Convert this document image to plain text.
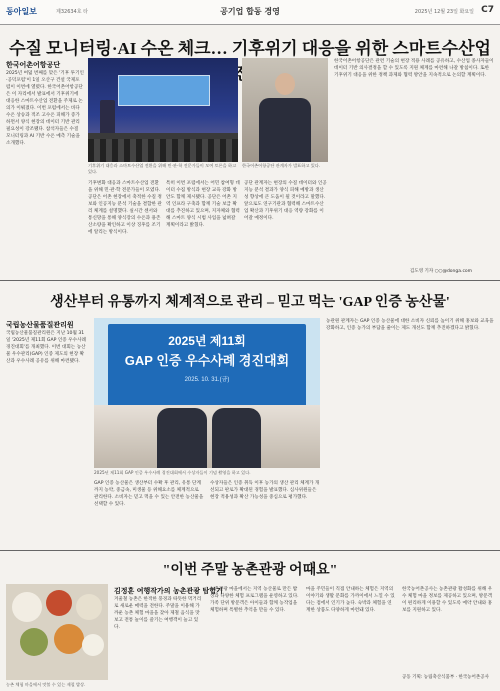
동아일보	제32634호 타	공기업 합동 경영	2025년 12월 23일 화요일 C7
수질 모니터링·AI 수온 체크… 기후위기 대응을 위한 스마트수산업
한국어촌어항공단
2025년 여덟 번째를 맞은 '기후 투기인·공덕포럼'이 1일 오산구 건설 국제포럼이 이번에 열렸다. 한국어촌어항공단은 이 자리에서 발표에서 기후위기에 대응한 스마트수산업 전환을 주제로 논의가 이뤄졌다. 이번 포럼에서는 바다 수온 상승과 적조 고수온 피해가 증가하면서 양식 현장의 데이터 기반 관리 필요성이 강조됐다. 참석자들은 수질 모니터링과 AI 기반 수온 예측 기술을 소개했다.
기후위기 대응과 스마트수산업 전환을 위해 민·관·학 전문가들이 모여 토론을 하고 있다.
한국어촌어항공단 관계자가 발표하고 있다.
기후변화 대응과 스마트수산업 전환을 위해 민·관·학 전문가들이 모였다. 공단은 어촌 현장에서 축적한 수질 정보와 인공지능 분석 기술을 결합한 관리 체계를 설명했다. 실시간 센서와 통신망을 통해 양식장의 수온과 용존산소량을 확인하고 이상 징후를 조기에 알리는 방식이다.
특히 이번 포럼에서는 어민 참여형 데이터 수집 방식과 현장 교육 강화 방안도 함께 제시됐다. 공단은 어촌 지역 인프라 구축과 함께 기술 보급 확대를 추진하고 있으며, 지자체와 협력해 스마트 양식 시범 사업을 넓혀갈 계획이라고 밝혔다.
공단 관계자는 현장의 수질 데이터와 인공지능 분석 결과가 양식 피해 예방과 생산성 향상에 큰 도움이 될 것이라고 말했다. 앞으로도 연구기관과 협력해 스마트수산업 확산과 기후위기 대응 역량 강화를 이어갈 예정이다.
한국어촌어항공단은 관련 기술의 현장 적용 사례를 공유하고, 수산업 종사자들이 데이터 기반 의사결정을 할 수 있도록 지원 체계를 마련해 나갈 방침이다. 또한 기후위기 대응을 위한 정책 과제와 협력 방안을 지속적으로 논의할 계획이다.
김도영 기자 ○○@donga.com
생산부터 유통까지 체계적으로 관리 – 믿고 먹는 'GAP 인증 농산물'
국립농산물품질관리원
국립농산물품질관리원은 지난 10월 31일 '2025년 제11회 GAP 인증 우수사례 경진대회'를 개최했다. 이번 대회는 농산물 우수관리(GAP) 인증 제도의 현장 확산과 우수사례 공유를 위해 마련됐다.
2025년 제11회
GAP 인증 우수사례 경진대회
2025. 10. 31.(금)
2025년 제11회 GAP 인증 우수사례 경진대회에서 수상자들이 기념 촬영을 하고 있다.
GAP 인증 농산물은 생산부터 수확 후 관리, 유통 단계까지 농약, 중금속, 미생물 등 위해요소를 체계적으로 관리한다. 소비자는 믿고 먹을 수 있는 안전한 농산물을 선택할 수 있다.
수상자들은 인증 취득 이후 농가의 생산 관리 체계가 개선되고 판로가 확대된 경험을 발표했다. 심사위원들은 현장 적용성과 확산 가능성을 중심으로 평가했다.
농관원 관계자는 GAP 인증 농산물에 대한 소비자 신뢰를 높이기 위해 홍보와 교육을 강화하고, 인증 농가의 부담을 줄이는 제도 개선도 함께 추진하겠다고 밝혔다.
"이번 주말 농촌관광 어때요"
농촌 체험 마을에서 맛볼 수 있는 제철 밥상.
김정훈 여행작가의 농촌관광 탐험기
겨울철 농촌은 한적한 풍경과 따뜻한 먹거리로 새로운 매력을 전한다. 주말을 이용해 가까운 농촌 체험 마을을 찾아 제철 음식을 맛보고 전통 놀이를 즐기는 여행객이 늘고 있다.
농촌관광 마을에서는 지역 농산물로 만든 밥상과 다양한 체험 프로그램을 운영하고 있다. 가족 단위 방문객은 아이들과 함께 농작업을 체험하며 특별한 추억을 만들 수 있다.
마을 주민들이 직접 안내하는 체험은 지역의 이야기와 생활 문화를 가까이에서 느낄 수 있다는 점에서 인기가 높다. 숙박과 체험을 연계한 상품도 다양하게 마련돼 있다.
한국농어촌공사는 농촌관광 활성화를 위해 우수 체험 마을 정보를 제공하고 있으며, 방문객이 편리하게 이용할 수 있도록 예약 안내와 홍보를 지원하고 있다.
공동 기획: 농림축산식품부 · 한국농어촌공사
